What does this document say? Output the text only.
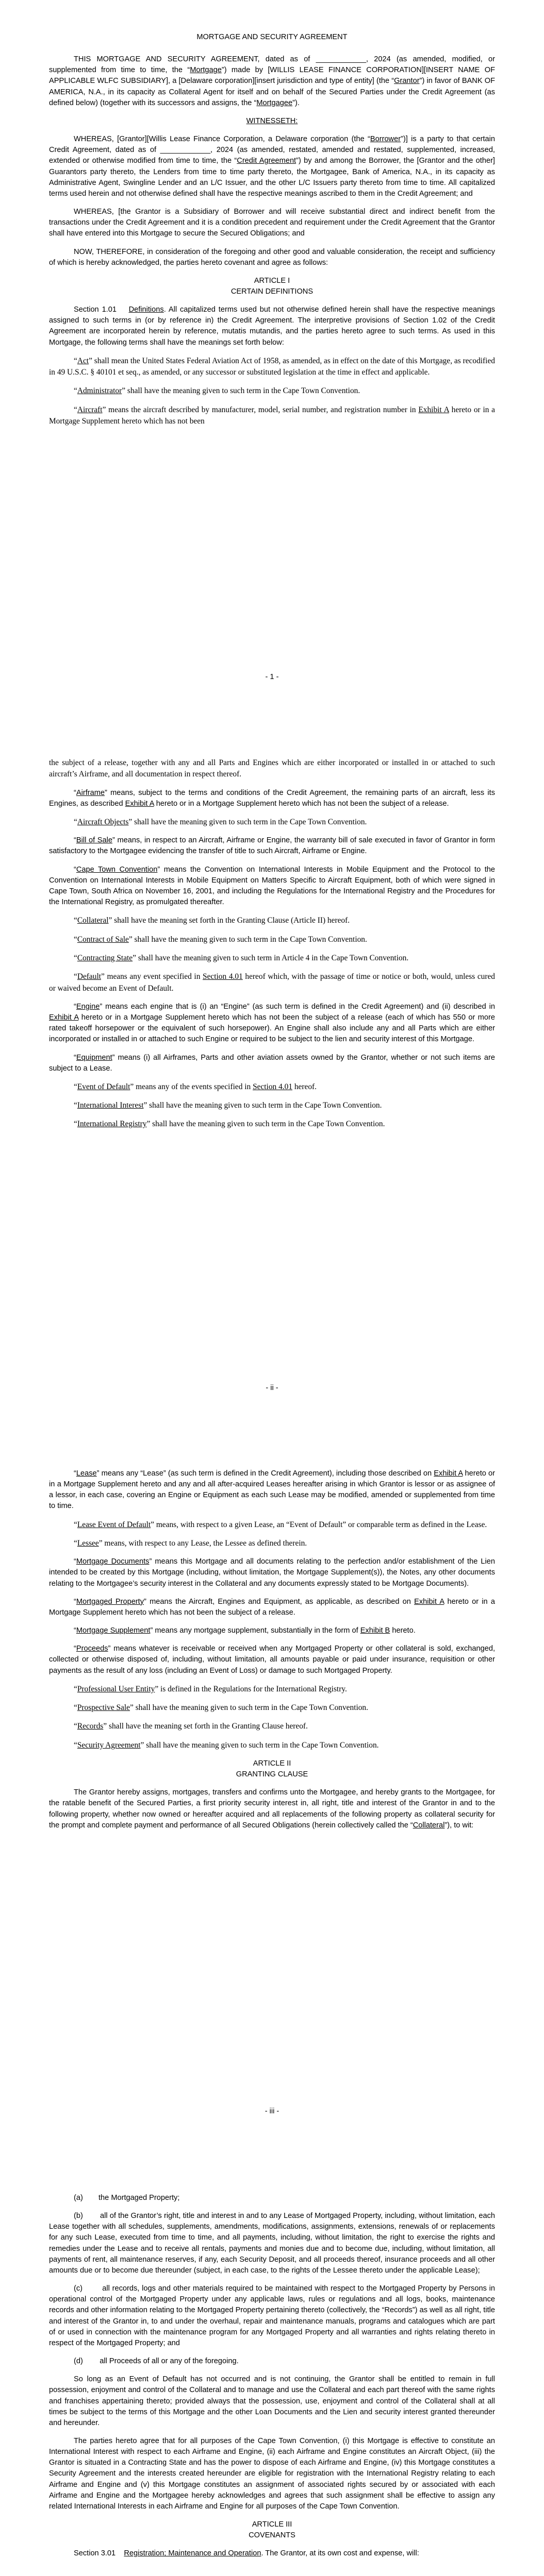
MORTGAGE AND SECURITY AGREEMENT

THIS MORTGAGE AND SECURITY AGREEMENT, dated as of ____________, 2024 (as amended, modified, or supplemented from time to time, the “Mortgage”) made by [WILLIS LEASE FINANCE CORPORATION][INSERT NAME OF APPLICABLE WLFC SUBSIDIARY], a [Delaware corporation][insert jurisdiction and type of entity] (the “Grantor”) in favor of BANK OF AMERICA, N.A., in its capacity as Collateral Agent for itself and on behalf of the Secured Parties under the Credit Agreement (as defined below) (together with its successors and assigns, the “Mortgagee”).

WITNESSETH:

WHEREAS, [Grantor][Willis Lease Finance Corporation, a Delaware corporation (the “Borrower”)] is a party to that certain Credit Agreement, dated as of ____________, 2024 (as amended, restated, amended and restated, supplemented, increased, extended or otherwise modified from time to time, the “Credit Agreement”) by and among the Borrower, the [Grantor and the other] Guarantors party thereto, the Lenders from time to time party thereto, the Mortgagee, Bank of America, N.A., in its capacity as Administrative Agent, Swingline Lender and an L/C Issuer, and the other L/C Issuers party thereto from time to time. All capitalized terms used herein and not otherwise defined shall have the respective meanings ascribed to them in the Credit Agreement; and

WHEREAS, [the Grantor is a Subsidiary of Borrower and will receive substantial direct and indirect benefit from the transactions under the Credit Agreement and it is a condition precedent and requirement under the Credit Agreement that the Grantor shall have entered into this Mortgage to secure the Secured Obligations; and

NOW, THEREFORE, in consideration of the foregoing and other good and valuable consideration, the receipt and sufficiency of which is hereby acknowledged, the parties hereto covenant and agree as follows:

ARTICLE I
CERTAIN DEFINITIONS

Section 1.01 Definitions. All capitalized terms used but not otherwise defined herein shall have the respective meanings assigned to such terms in (or by reference in) the Credit Agreement. The interpretive provisions of Section 1.02 of the Credit Agreement are incorporated herein by reference, mutatis mutandis, and the parties hereto agree to such terms. As used in this Mortgage, the following terms shall have the meanings set forth below:

“Act” shall mean the United States Federal Aviation Act of 1958, as amended, as in effect on the date of this Mortgage, as recodified in 49 U.S.C. § 40101 et seq., as amended, or any successor or substituted legislation at the time in effect and applicable.

“Administrator” shall have the meaning given to such term in the Cape Town Convention.

“Aircraft” means the aircraft described by manufacturer, model, serial number, and registration number in Exhibit A hereto or in a Mortgage Supplement hereto which has not been

- 1 -

the subject of a release, together with any and all Parts and Engines which are either incorporated or installed in or attached to such aircraft’s Airframe, and all documentation in respect thereof.

“Airframe” means, subject to the terms and conditions of the Credit Agreement, the remaining parts of an aircraft, less its Engines, as described Exhibit A hereto or in a Mortgage Supplement hereto which has not been the subject of a release.

“Aircraft Objects” shall have the meaning given to such term in the Cape Town Convention.

“Bill of Sale” means, in respect to an Aircraft, Airframe or Engine, the warranty bill of sale executed in favor of Grantor in form satisfactory to the Mortgagee evidencing the transfer of title to such Aircraft, Airframe or Engine.

“Cape Town Convention” means the Convention on International Interests in Mobile Equipment and the Protocol to the Convention on International Interests in Mobile Equipment on Matters Specific to Aircraft Equipment, both of which were signed in Cape Town, South Africa on November 16, 2001, and including the Regulations for the International Registry and the Procedures for the International Registry, as promulgated thereafter.

“Collateral” shall have the meaning set forth in the Granting Clause (Article II) hereof.

“Contract of Sale” shall have the meaning given to such term in the Cape Town Convention.

“Contracting State” shall have the meaning given to such term in Article 4 in the Cape Town Convention.

“Default” means any event specified in Section 4.01 hereof which, with the passage of time or notice or both, would, unless cured or waived become an Event of Default.

“Engine” means each engine that is (i) an “Engine” (as such term is defined in the Credit Agreement) and (ii) described in Exhibit A hereto or in a Mortgage Supplement hereto which has not been the subject of a release (each of which has 550 or more rated takeoff horsepower or the equivalent of such horsepower). An Engine shall also include any and all Parts which are either incorporated or installed in or attached to such Engine or required to be subject to the lien and security interest of this Mortgage.

“Equipment” means (i) all Airframes, Parts and other aviation assets owned by the Grantor, whether or not such items are subject to a Lease.

“Event of Default” means any of the events specified in Section 4.01 hereof.

“International Interest” shall have the meaning given to such term in the Cape Town Convention.

“International Registry” shall have the meaning given to such term in the Cape Town Convention.

- ii -

“Lease” means any “Lease” (as such term is defined in the Credit Agreement), including those described on Exhibit A hereto or in a Mortgage Supplement hereto and any and all after-acquired Leases hereafter arising in which Grantor is lessor or as assignee of a lessor, in each case, covering an Engine or Equipment as each such Lease may be modified, amended or supplemented from time to time.

“Lease Event of Default” means, with respect to a given Lease, an “Event of Default” or comparable term as defined in the Lease.

“Lessee” means, with respect to any Lease, the Lessee as defined therein.

“Mortgage Documents” means this Mortgage and all documents relating to the perfection and/or establishment of the Lien intended to be created by this Mortgage (including, without limitation, the Mortgage Supplement(s)), the Notes, any other documents relating to the Mortgagee’s security interest in the Collateral and any documents expressly stated to be Mortgage Documents).

“Mortgaged Property” means the Aircraft, Engines and Equipment, as applicable, as described on Exhibit A hereto or in a Mortgage Supplement hereto which has not been the subject of a release.

“Mortgage Supplement” means any mortgage supplement, substantially in the form of Exhibit B hereto.

“Proceeds” means whatever is receivable or received when any Mortgaged Property or other collateral is sold, exchanged, collected or otherwise disposed of, including, without limitation, all amounts payable or paid under insurance, requisition or other payments as the result of any loss (including an Event of Loss) or damage to such Mortgaged Property.

“Professional User Entity” is defined in the Regulations for the International Registry.

“Prospective Sale” shall have the meaning given to such term in the Cape Town Convention.

“Records” shall have the meaning set forth in the Granting Clause hereof.

“Security Agreement” shall have the meaning given to such term in the Cape Town Convention.

ARTICLE II
GRANTING CLAUSE

The Grantor hereby assigns, mortgages, transfers and confirms unto the Mortgagee, and hereby grants to the Mortgagee, for the ratable benefit of the Secured Parties, a first priority security interest in, all right, title and interest of the Grantor in and to the following property, whether now owned or hereafter acquired and all replacements of the following property as collateral security for the prompt and complete payment and performance of all Secured Obligations (herein collectively called the “Collateral”), to wit:

- iii -
(a)	the Mortgaged Property;

(b) all of the Grantor’s right, title and interest in and to any Lease of Mortgaged Property, including, without limitation, each Lease together with all schedules, supplements, amendments, modifications, assignments, extensions, renewals of or replacements for any such Lease, executed from time to time, and all payments, including, without limitation, the right to exercise the rights and remedies under the Lease and to receive all rentals, payments and monies due and to become due, including, without limitation, all payments of rent, all maintenance reserves, if any, each Security Deposit, and all proceeds thereof, insurance proceeds and all other amounts due or to become due thereunder (subject, in each case, to the rights of the Lessee thereto under the applicable Lease);

(c)	all records, logs and other materials required to be maintained with respect to the Mortgaged Property by Persons in operational control of the Mortgaged Property under any applicable laws, rules or regulations and all logs, books, maintenance records and other information relating to the Mortgaged Property pertaining thereto (collectively, the “Records”) as well as all right, title and interest of the Grantor in, to and under the overhaul, repair and maintenance manuals, programs and catalogues which are part of or used in connection with the maintenance program for any Mortgaged Property and all warranties and rights relating thereto in respect of the Mortgaged Property; and

(d) all Proceeds of all or any of the foregoing.

So long as an Event of Default has not occurred and is not continuing, the Grantor shall be entitled to remain in full possession, enjoyment and control of the Collateral and to manage and use the Collateral and each part thereof with the same rights and franchises appertaining thereto; provided always that the possession, use, enjoyment and control of the Collateral shall at all times be subject to the terms of this Mortgage and the other Loan Documents and the Lien and security interest granted thereunder and hereunder.

The parties hereto agree that for all purposes of the Cape Town Convention, (i) this Mortgage is effective to constitute an International Interest with respect to each Airframe and Engine, (ii) each Airframe and Engine constitutes an Aircraft Object, (iii) the Grantor is situated in a Contracting State and has the power to dispose of each Airframe and Engine, (iv) this Mortgage constitutes a Security Agreement and the interests created hereunder are eligible for registration with the International Registry relating to each Airframe and Engine and (v) this Mortgage constitutes an assignment of associated rights secured by or associated with each Airframe and Engine and the Mortgagee hereby acknowledges and agrees that such assignment shall be effective to assign any related International Interests in each Airframe and Engine for all purposes of the Cape Town Convention.

ARTICLE III
COVENANTS

Section 3.01 Registration; Maintenance and Operation. The Grantor, at its own cost and expense, will:
